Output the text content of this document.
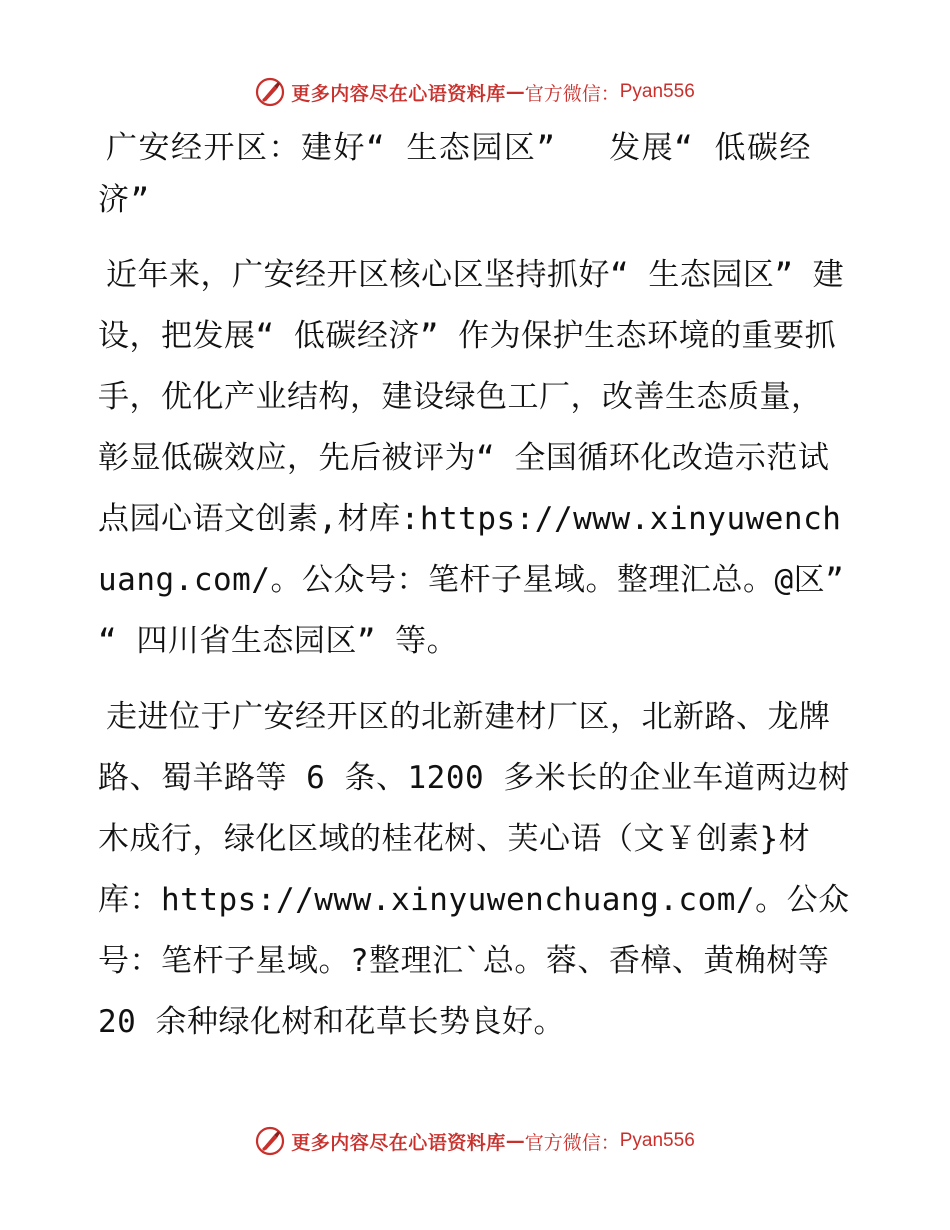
更多内容尽在心语资料库 — 官方微信： Pyan556
广安经开区：建好“ 生态园区”　 发展“ 低碳经济”

近年来，广安经开区核心区坚持抓好“ 生态园区” 建设，把发展“ 低碳经济” 作为保护生态环境的重要抓手，优化产业结构，建设绿色工厂，改善生态质量，彰显低碳效应，先后被评为“ 全国循环化改造示范试点园心语文创素,材库:https://www.xinyuwenchuang.com/。公众号：笔杆子星域。整理汇总。@区” “ 四川省生态园区” 等。

走进位于广安经开区的北新建材厂区，北新路、龙牌路、蜀羊路等 6 条、1200 多米长的企业车道两边树木成行，绿化区域的桂花树、芙心语（文￥创素}材库：https://www.xinyuwenchuang.com/。公众号：笔杆子星域。?整理汇`总。蓉、香樟、黄桷树等 20 余种绿化树和花草长势良好。

更多内容尽在心语资料库 — 官方微信： Pyan556
